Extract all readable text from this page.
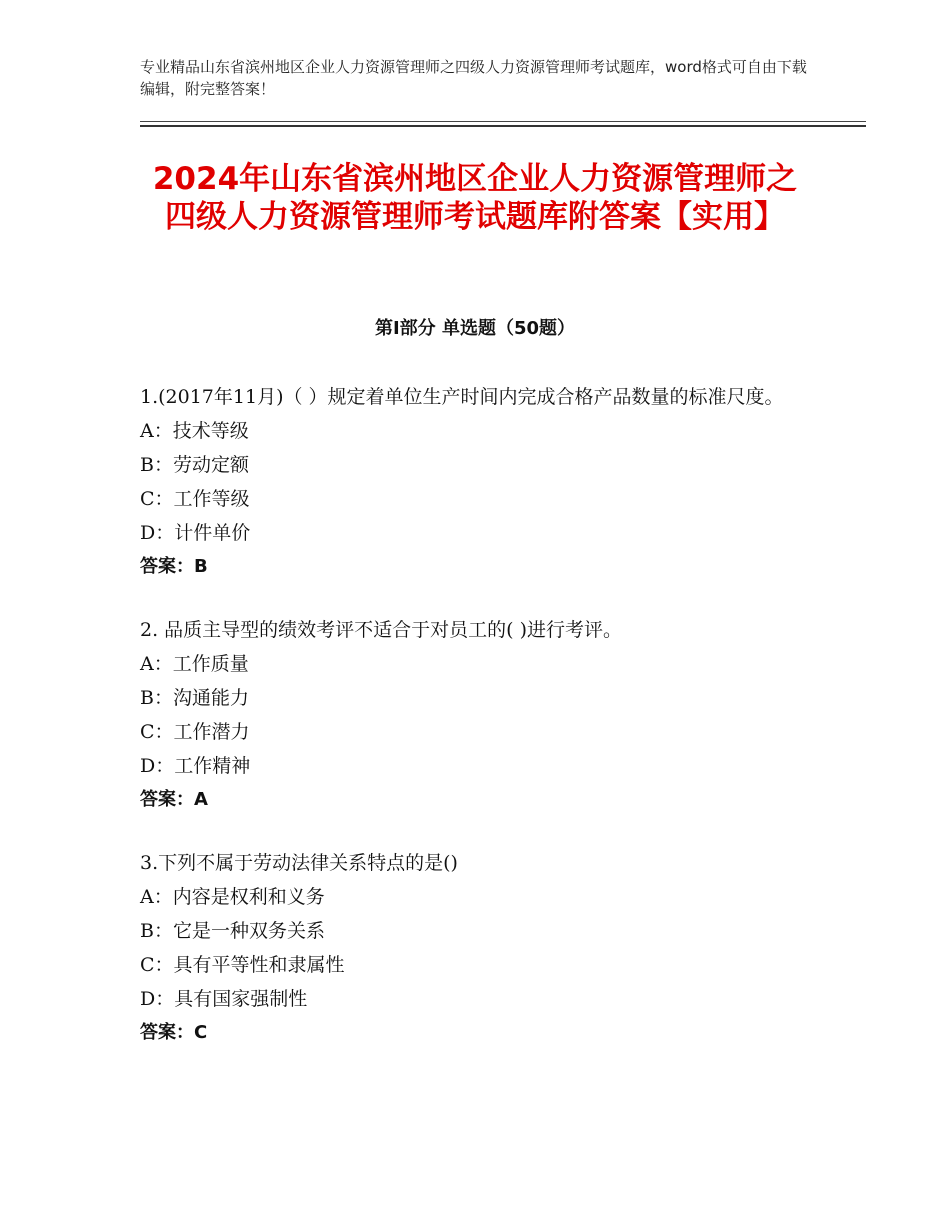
专业精品山东省滨州地区企业人力资源管理师之四级人力资源管理师考试题库，word格式可自由下载编辑，附完整答案！
2024年山东省滨州地区企业人力资源管理师之四级人力资源管理师考试题库附答案【实用】
第Ⅰ部分 单选题（50题）

1.(2017年11月)（ ）规定着单位生产时间内完成合格产品数量的标准尺度。

A：技术等级

B：劳动定额

C：工作等级

D：计件单价

答案：B

2. 品质主导型的绩效考评不适合于对员工的( )进行考评。

A：工作质量

B：沟通能力

C：工作潜力

D：工作精神

答案：A

3.下列不属于劳动法律关系特点的是()

A：内容是权利和义务

B：它是一种双务关系

C：具有平等性和隶属性

D：具有国家强制性

答案：C
